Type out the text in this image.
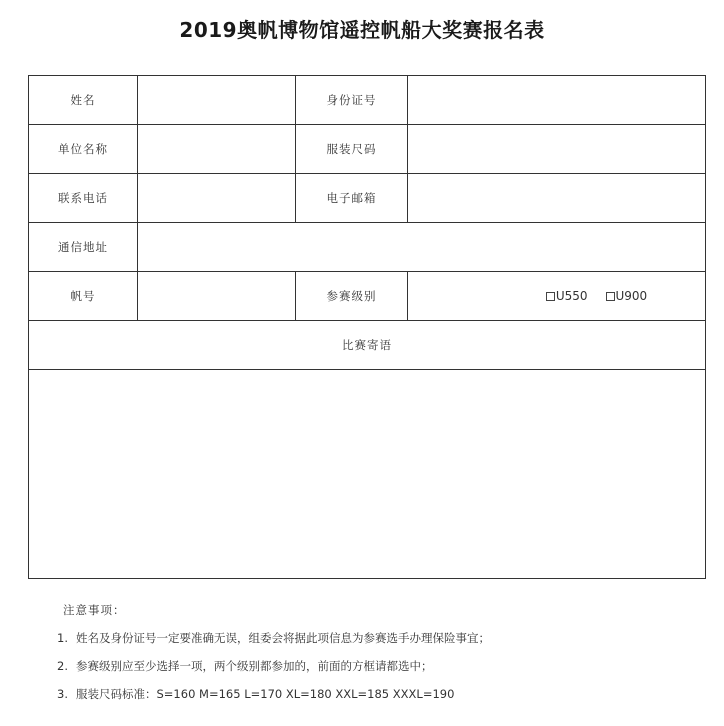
2019奥帆博物馆遥控帆船大奖赛报名表
姓名		身份证号	
单位名称		服装尺码	
联系电话		电子邮箱	
通信地址			
帆号		参赛级别	U550 U900

比赛寄语			

注意事项：
1. 姓名及身份证号一定要准确无误，组委会将据此项信息为参赛选手办理保险事宜；
2. 参赛级别应至少选择一项，两个级别都参加的，前面的方框请都选中；
3. 服装尺码标准：S=160 M=165 L=170 XL=180 XXL=185 XXXL=190
